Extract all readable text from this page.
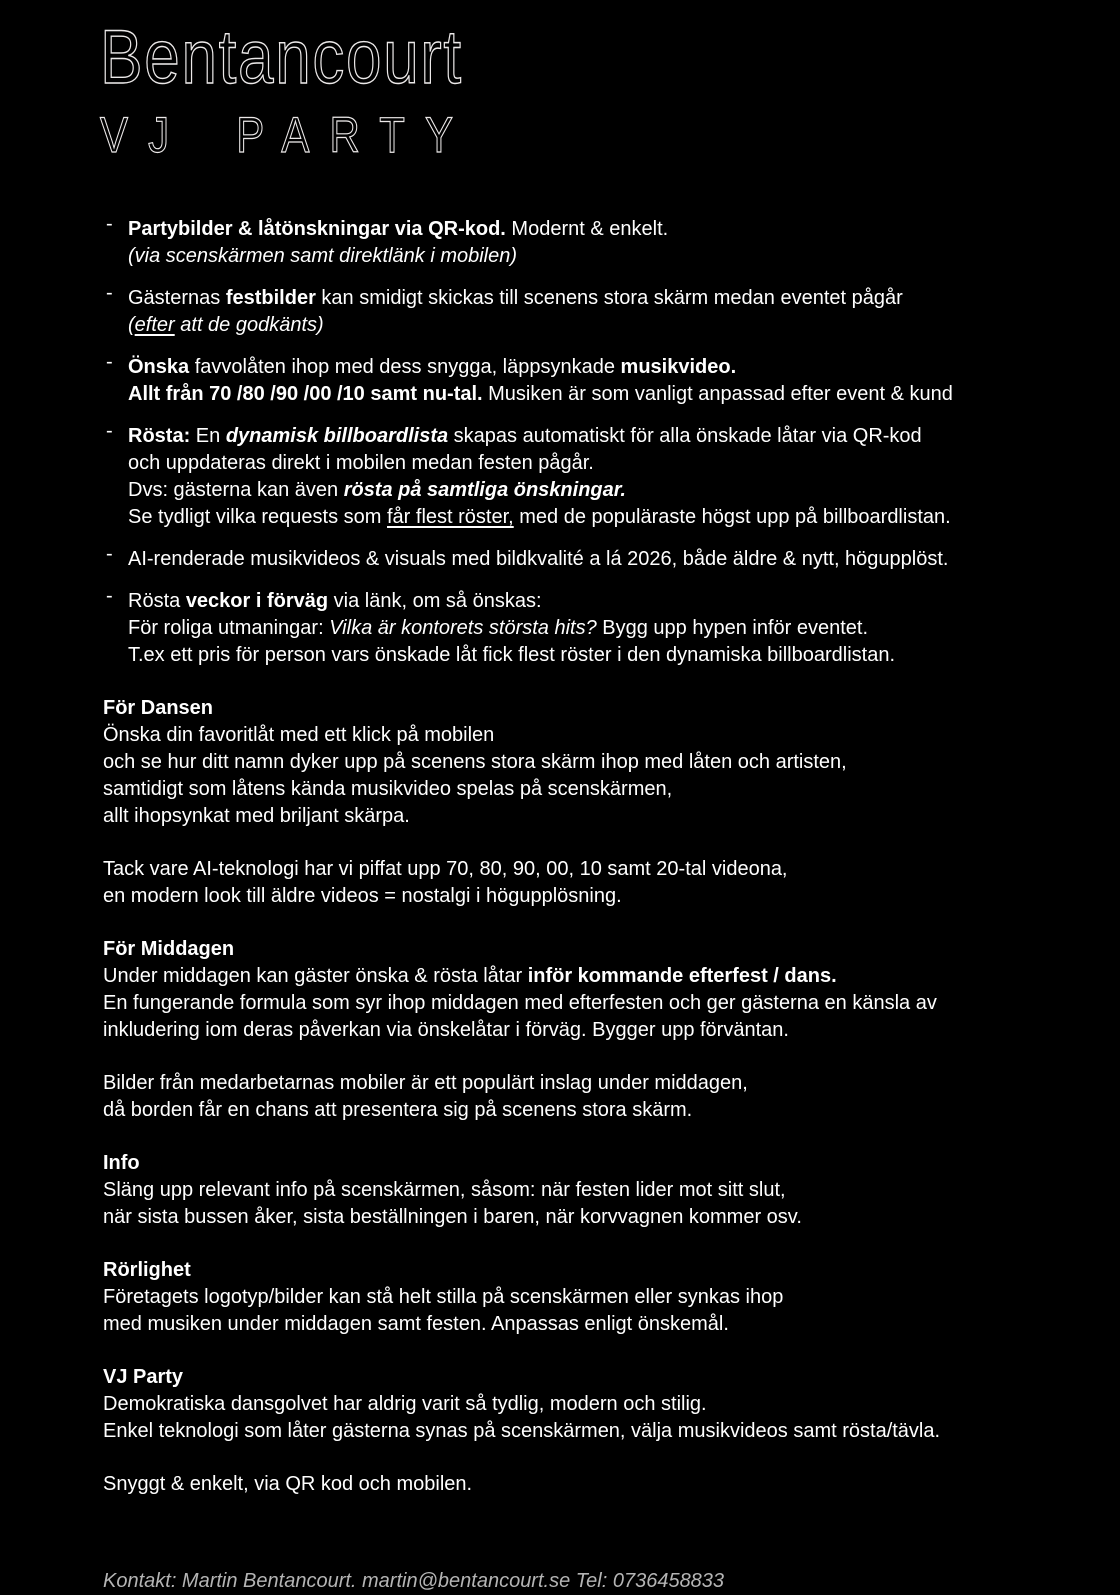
Bentancourt
VJ PARTY
- Partybilder & låtönskningar via QR-kod. Modernt & enkelt.
(via scenskärmen samt direktlänk i mobilen)
- Gästernas festbilder kan smidigt skickas till scenens stora skärm medan eventet pågår
(efter att de godkänts)
- Önska favvolåten ihop med dess snygga, läppsynkade musikvideo.
Allt från 70 /80 /90 /00 /10 samt nu-tal. Musiken är som vanligt anpassad efter event & kund
- Rösta: En dynamisk billboardlista skapas automatiskt för alla önskade låtar via QR-kod
och uppdateras direkt i mobilen medan festen pågår.
Dvs: gästerna kan även rösta på samtliga önskningar.
Se tydligt vilka requests som får flest röster, med de populäraste högst upp på billboardlistan.
- AI-renderade musikvideos & visuals med bildkvalité a lá 2026, både äldre & nytt, högupplöst.
- Rösta veckor i förväg via länk, om så önskas:
För roliga utmaningar: Vilka är kontorets största hits? Bygg upp hypen inför eventet.
T.ex ett pris för person vars önskade låt fick flest röster i den dynamiska billboardlistan.
För Dansen
Önska din favoritlåt med ett klick på mobilen
och se hur ditt namn dyker upp på scenens stora skärm ihop med låten och artisten,
samtidigt som låtens kända musikvideo spelas på scenskärmen,
allt ihopsynkat med briljant skärpa.
Tack vare AI-teknologi har vi piffat upp 70, 80, 90, 00, 10 samt 20-tal videona,
en modern look till äldre videos = nostalgi i högupplösning.
För Middagen
Under middagen kan gäster önska & rösta låtar inför kommande efterfest / dans.
En fungerande formula som syr ihop middagen med efterfesten och ger gästerna en känsla av
inkludering iom deras påverkan via önskelåtar i förväg. Bygger upp förväntan.
Bilder från medarbetarnas mobiler är ett populärt inslag under middagen,
då borden får en chans att presentera sig på scenens stora skärm.
Info
Släng upp relevant info på scenskärmen, såsom: när festen lider mot sitt slut,
när sista bussen åker, sista beställningen i baren, när korvvagnen kommer osv.
Rörlighet
Företagets logotyp/bilder kan stå helt stilla på scenskärmen eller synkas ihop
med musiken under middagen samt festen. Anpassas enligt önskemål.
VJ Party
Demokratiska dansgolvet har aldrig varit så tydlig, modern och stilig.
Enkel teknologi som låter gästerna synas på scenskärmen, välja musikvideos samt rösta/tävla.
Snyggt & enkelt, via QR kod och mobilen.
Kontakt: Martin Bentancourt. martin@bentancourt.se Tel: 0736458833
